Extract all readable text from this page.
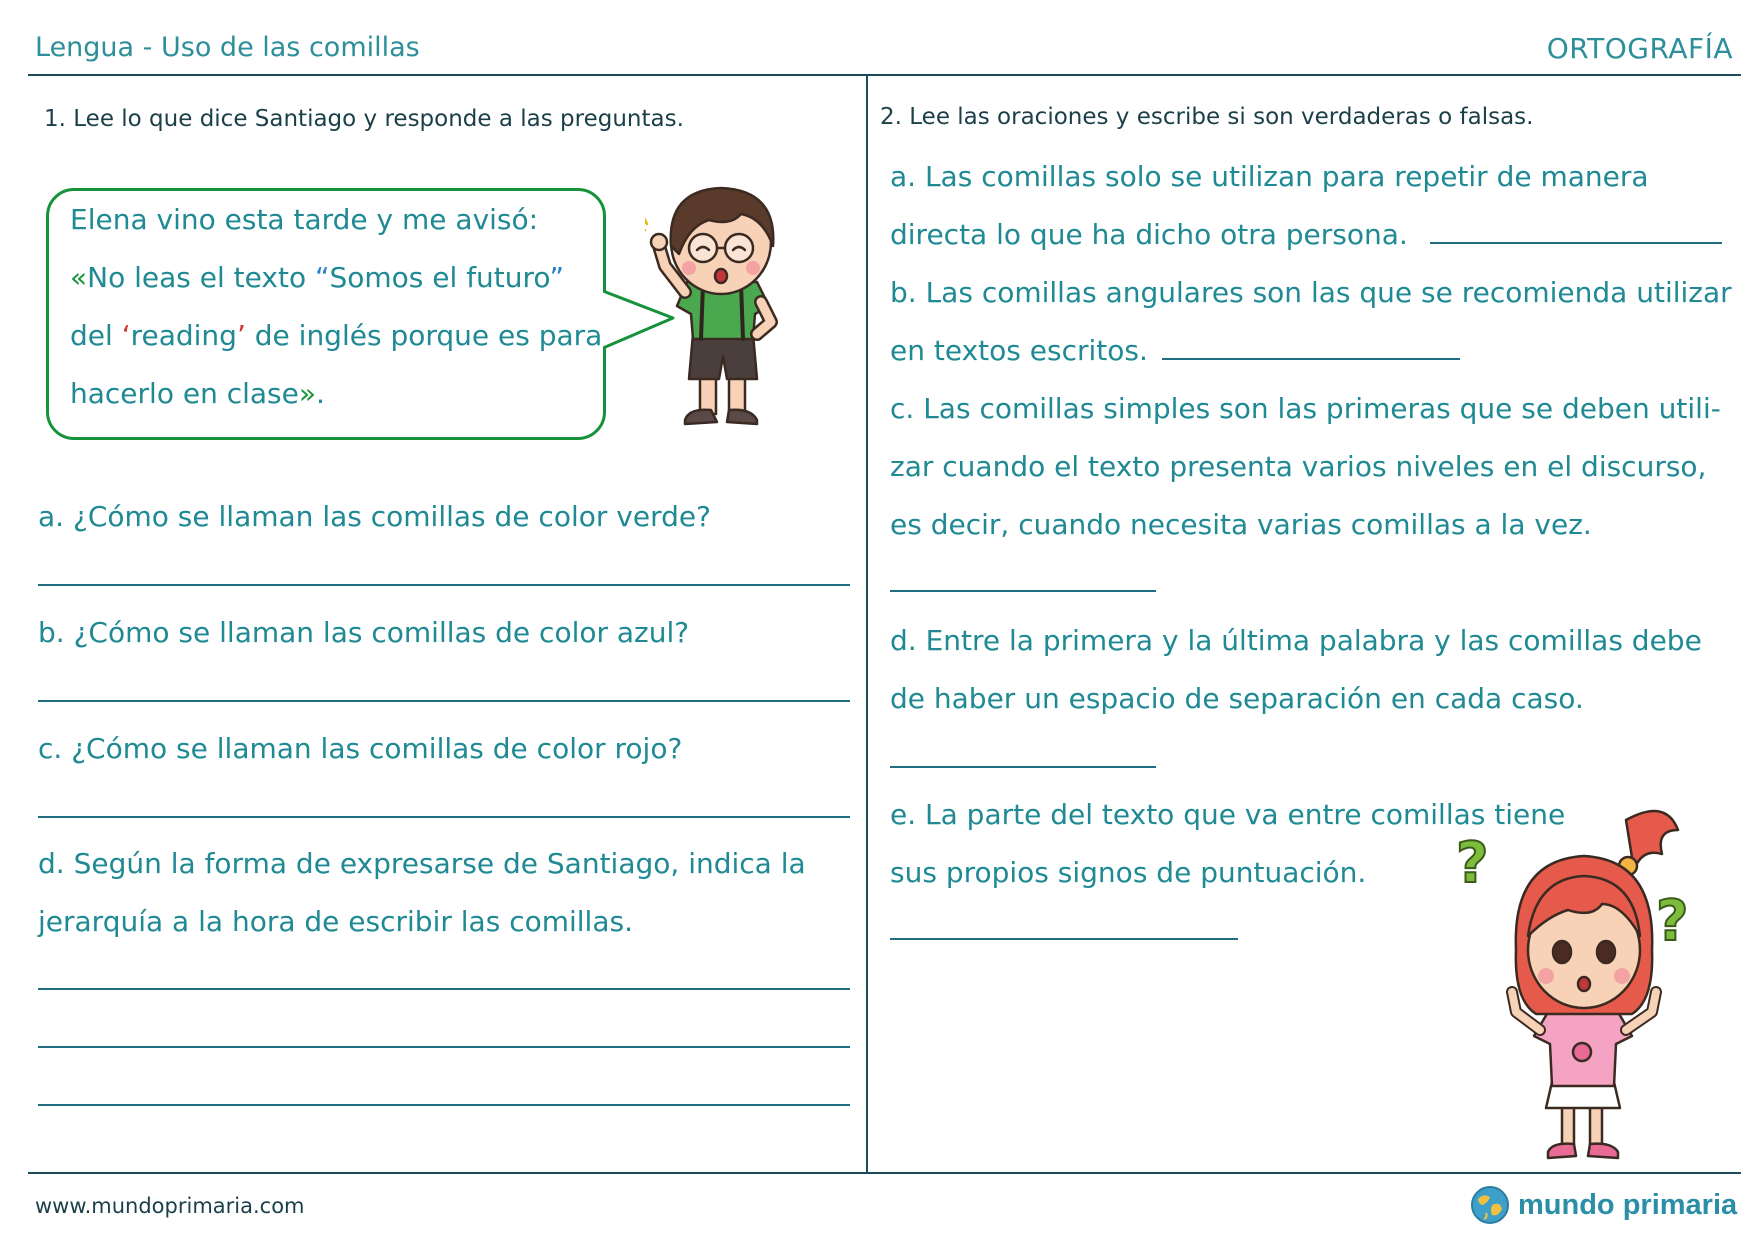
Lengua - Uso de las comillas	ORTOGRAFÍA
1. Lee lo que dice Santiago y responde a las preguntas.
Elena vino esta tarde y me avisó:
«No leas el texto “Somos el futuro”
del ‘reading’ de inglés porque es para
hacerlo en clase».
a. ¿Cómo se llaman las comillas de color verde?
b. ¿Cómo se llaman las comillas de color azul?
c. ¿Cómo se llaman las comillas de color rojo?
d. Según la forma de expresarse de Santiago, indica la
jerarquía a la hora de escribir las comillas.
2. Lee las oraciones y escribe si son verdaderas o falsas.
a. Las comillas solo se utilizan para repetir de manera
directa lo que ha dicho otra persona.
b. Las comillas angulares son las que se recomienda utilizar
en textos escritos.
c. Las comillas simples son las primeras que se deben utili-
zar cuando el texto presenta varios niveles en el discurso,
es decir, cuando necesita varias comillas a la vez.
d. Entre la primera y la última palabra y las comillas debe
de haber un espacio de separación en cada caso.
e. La parte del texto que va entre comillas tiene
sus propios signos de puntuación. ?
?
www.mundoprimaria.com	mundo primaria
